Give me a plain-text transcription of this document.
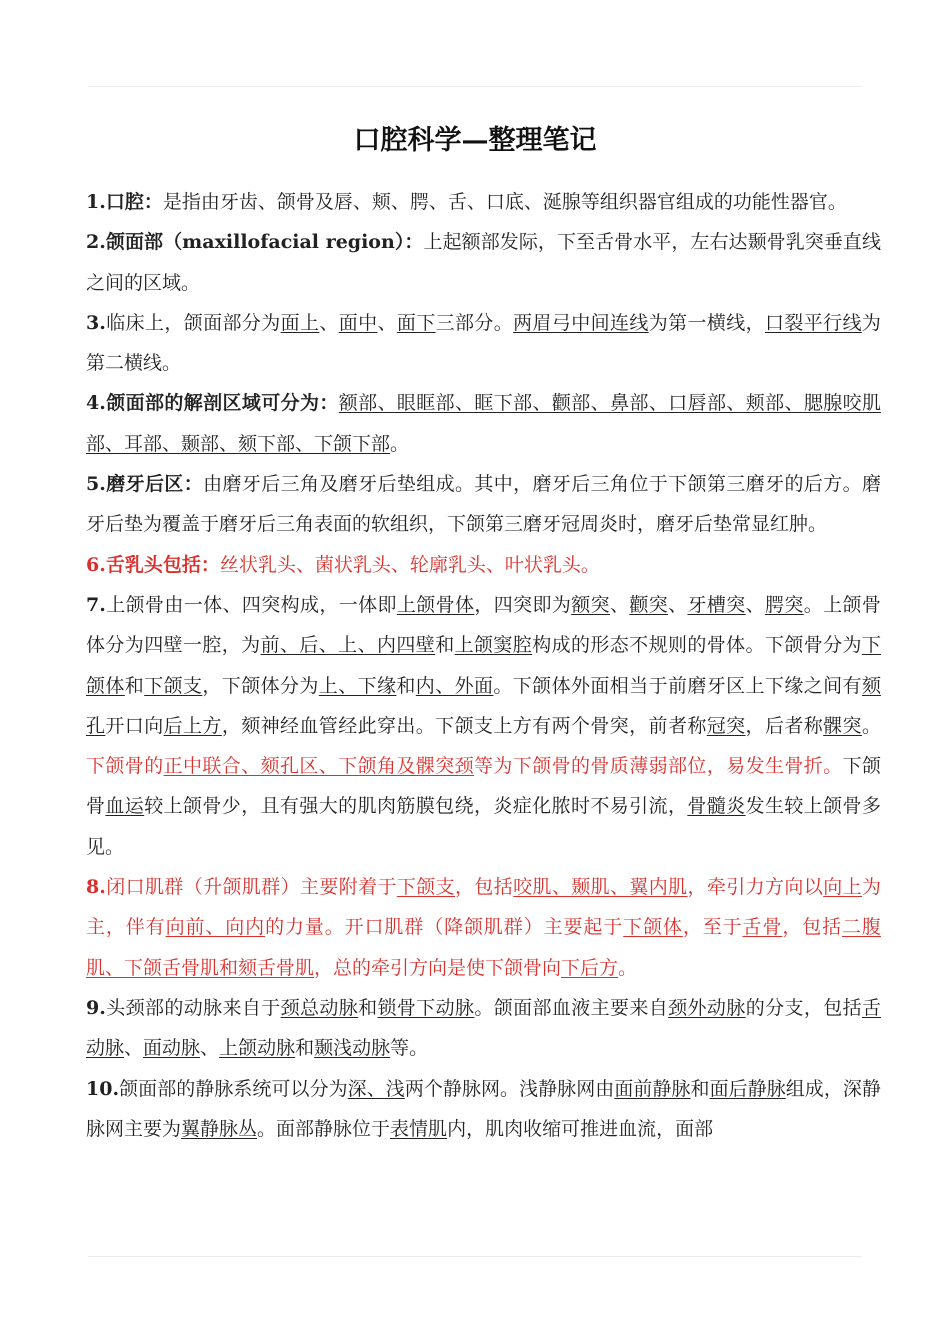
口腔科学—整理笔记

1.口腔：是指由牙齿、颌骨及唇、颊、腭、舌、口底、涎腺等组织器官组成的功能性器官。

2.颌面部（maxillofacial region）：上起额部发际，下至舌骨水平，左右达颞骨乳突垂直线之间的区域。

3.临床上，颌面部分为面上、面中、面下三部分。两眉弓中间连线为第一横线，口裂平行线为第二横线。

4.颌面部的解剖区域可分为：额部、眼眶部、眶下部、颧部、鼻部、口唇部、颊部、腮腺咬肌部、耳部、颞部、颏下部、下颌下部。

5.磨牙后区：由磨牙后三角及磨牙后垫组成。其中，磨牙后三角位于下颌第三磨牙的后方。磨牙后垫为覆盖于磨牙后三角表面的软组织，下颌第三磨牙冠周炎时，磨牙后垫常显红肿。

6.舌乳头包括：丝状乳头、菌状乳头、轮廓乳头、叶状乳头。

7.上颌骨由一体、四突构成，一体即上颌骨体，四突即为额突、颧突、牙槽突、腭突。上颌骨体分为四壁一腔，为前、后、上、内四壁和上颌窦腔构成的形态不规则的骨体。下颌骨分为下颌体和下颌支，下颌体分为上、下缘和内、外面。下颌体外面相当于前磨牙区上下缘之间有颏孔开口向后上方，颏神经血管经此穿出。下颌支上方有两个骨突，前者称冠突，后者称髁突。下颌骨的正中联合、颏孔区、下颌角及髁突颈等为下颌骨的骨质薄弱部位，易发生骨折。下颌骨血运较上颌骨少，且有强大的肌肉筋膜包绕，炎症化脓时不易引流，骨髓炎发生较上颌骨多见。

8.闭口肌群（升颌肌群）主要附着于下颌支，包括咬肌、颞肌、翼内肌，牵引力方向以向上为主，伴有向前、向内的力量。开口肌群（降颌肌群）主要起于下颌体，至于舌骨，包括二腹肌、下颌舌骨肌和颏舌骨肌，总的牵引方向是使下颌骨向下后方。

9.头颈部的动脉来自于颈总动脉和锁骨下动脉。颌面部血液主要来自颈外动脉的分支，包括舌动脉、面动脉、上颌动脉和颞浅动脉等。

10.颌面部的静脉系统可以分为深、浅两个静脉网。浅静脉网由面前静脉和面后静脉组成，深静脉网主要为翼静脉丛。面部静脉位于表情肌内，肌肉收缩可推进血流，面部
